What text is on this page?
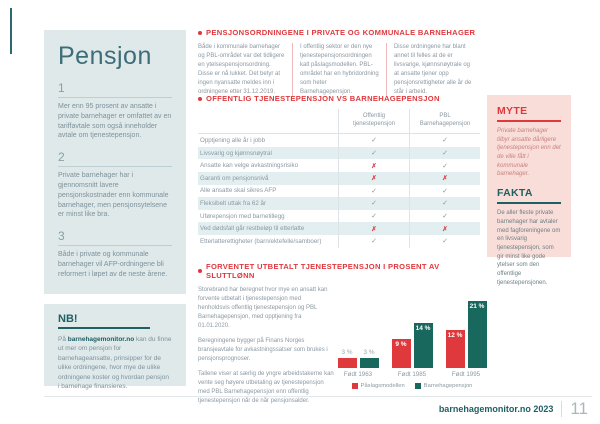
Pensjon
1

Mer enn 95 prosent av ansatte i private barnehager er omfattet av en tariffavtale som også inneholder avtale om tjenestepensjon.

2

Private barnehager har i gjennomsnitt lavere pensjonskostnader enn kommunale barnehager, men pensjonsytelsene er minst like bra.

3

Både i private og kommunale barnehager vil AFP-ordningene bli reformert i løpet av de neste årene.

NB!

På barnehagemonitor.no kan du finne ut mer om pensjon for barnehageansatte, prinsipper for de ulike ordningene, hvor mye de ulike ordningene koster og hvordan pensjon i barnehage finansieres.

PENSJONSORDNINGENE I PRIVATE OG KOMMUNALE BARNEHAGER

Både i kommunale barnehager og PBL-området var det tidligere en ytelsespensjonsordning. Disse er nå lukket. Det betyr at ingen nyansatte meldes inn i ordningene etter 31.12.2019.

I offentlig sektor er den nye tjenestepensjonsordningen kalt påslagsmodellen. PBL-området har en hybridordning som heter Barnehagepensjon.

Disse ordningene har blant annet til felles at de er livsvarige, kjønnsnøytrale og at ansatte tjener opp pensjonsrettigheter alle år de står i arbeid.

OFFENTLIG TJENESTEPENSJON VS BARNEHAGEPENSJON
Offentlig tjenestepensjon
PBL Barnehagepensjon
Opptjening alle år i jobb	✓	✓
Livsvarig og kjønnsnøytral	✓	✓
Ansatte kan velge avkastningsrisiko	✗	✓
Garanti om pensjonsnivå	✗	✗
Alle ansatte skal sikres AFP	✓	✓
Fleksibelt uttak fra 62 år	✓	✓
Uførepensjon med barnetillegg	✓	✓
Ved dødsfall går restbeløp til etterlatte	✗	✗
Etterlatterettigheter (barn/ektefelle/samboer)	✓	✓
FORVENTET UTBETALT TJENESTEPENSJON I PROSENT AV SLUTTLØNN

Storebrand har beregnet hvor mye en ansatt kan forvente utbetalt i tjenestepensjon med henholdsvis offentlig tjenestepensjon og PBL Barnehagepensjon, med opptjening fra 01.01.2020.

Beregningene bygger på Finans Norges bransjeavtale for avkastningssatser som brukes i pensjonsprognoser.

Tallene viser at særlig de yngre arbeidstakerne kan vente seg høyere utbetaling av tjenestepensjon med PBL Barnehagepensjon enn offentlig tjenestepensjon når de når pensjonsalder.

3 %	3 %
Født 1963
9 %
14 %
Født 1985
12 %
21 %
Født 1995
Påslagsmodellen	Barnehagepensjon
MYTE

Private barnehager tilbyr ansatte dårligere tjenestepensjon enn det de ville fått i kommunale barnehager.

FAKTA

De aller fleste private barnehager har avtaler med fagforeningene om en livsvarig tjenestepensjon, som gir minst like gode ytelser som den offentlige tjenestepensjonen.

barnehagemonitor.no 2023 11
